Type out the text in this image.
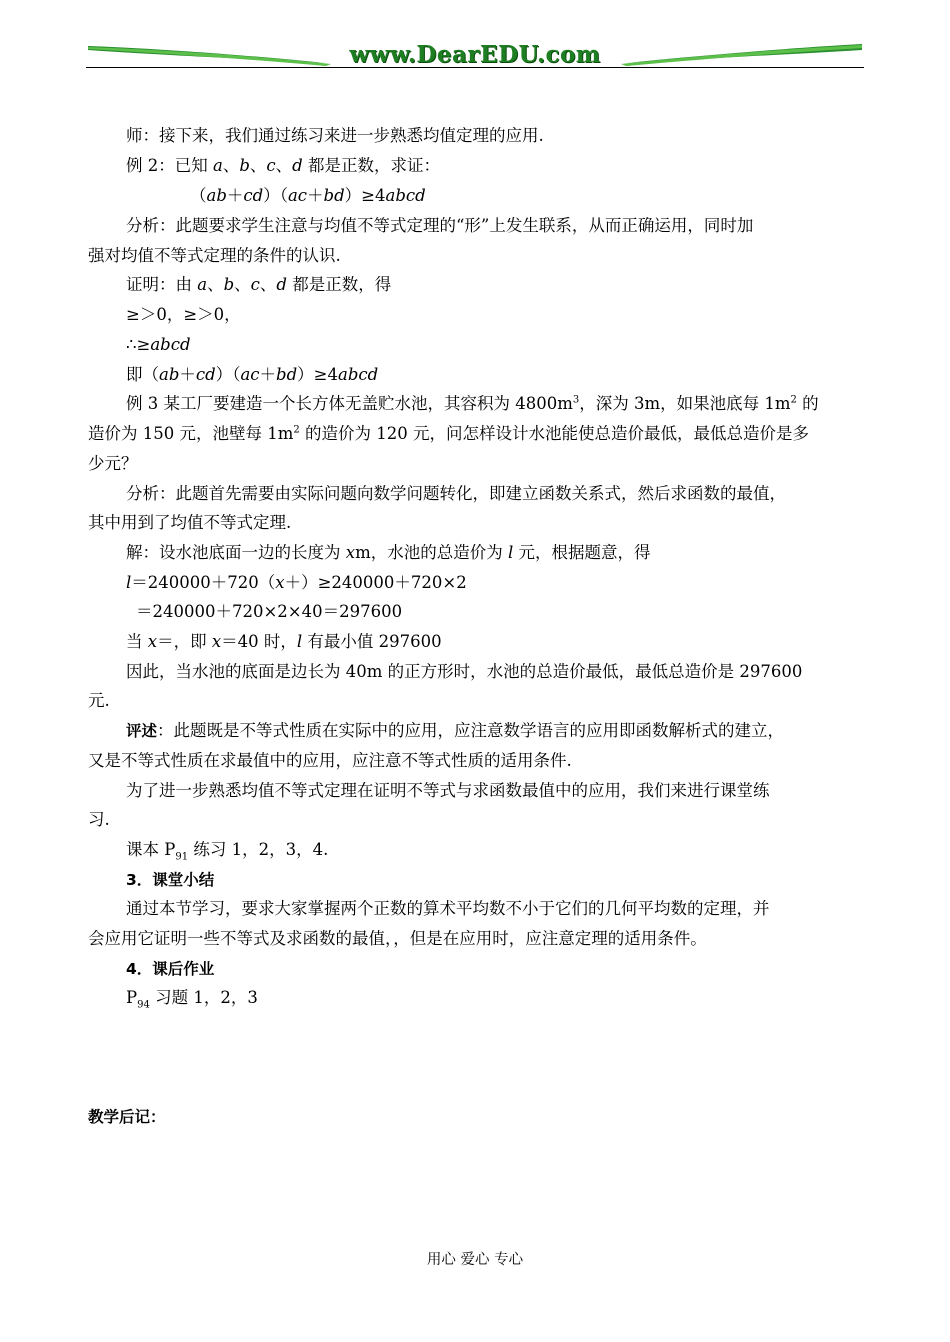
www.DearEDU.com
师：接下来，我们通过练习来进一步熟悉均值定理的应用.
例 2：已知 a、b、c、d 都是正数，求证：
（ab＋cd）（ac＋bd）≥4abcd
分析：此题要求学生注意与均值不等式定理的“形”上发生联系，从而正确运用，同时加
强对均值不等式定理的条件的认识.
证明：由 a、b、c、d 都是正数，得
≥＞0，≥＞0，
∴≥abcd
即（ab＋cd）（ac＋bd）≥4abcd
例 3 某工厂要建造一个长方体无盖贮水池，其容积为 $4800m^3$，深为 3m，如果池底每 $1m^2$ 的
造价为 150 元，池壁每 $1m^2$ 的造价为 120 元，问怎样设计水池能使总造价最低，最低总造价是多
少元？
分析：此题首先需要由实际问题向数学问题转化，即建立函数关系式，然后求函数的最值，
其中用到了均值不等式定理.
解：设水池底面一边的长度为 xm，水池的总造价为 l 元，根据题意，得
l＝240000＋720（x＋）≥240000＋720×2
＝240000＋720×2×40＝297600
当 x＝，即 x＝40 时，l 有最小值 297600
因此，当水池的底面是边长为 40m 的正方形时，水池的总造价最低，最低总造价是 297600
元.
评述：此题既是不等式性质在实际中的应用，应注意数学语言的应用即函数解析式的建立，
又是不等式性质在求最值中的应用，应注意不等式性质的适用条件.
为了进一步熟悉均值不等式定理在证明不等式与求函数最值中的应用，我们来进行课堂练
习.
课本 $P_{91}$ 练习 1，2，3，4.
3．课堂小结
通过本节学习，要求大家掌握两个正数的算术平均数不小于它们的几何平均数的定理，并
会应用它证明一些不等式及求函数的最值，，但是在应用时，应注意定理的适用条件。
4．课后作业
$P_{94}$ 习题 1，2，3
教学后记：
用心 爱心 专心
